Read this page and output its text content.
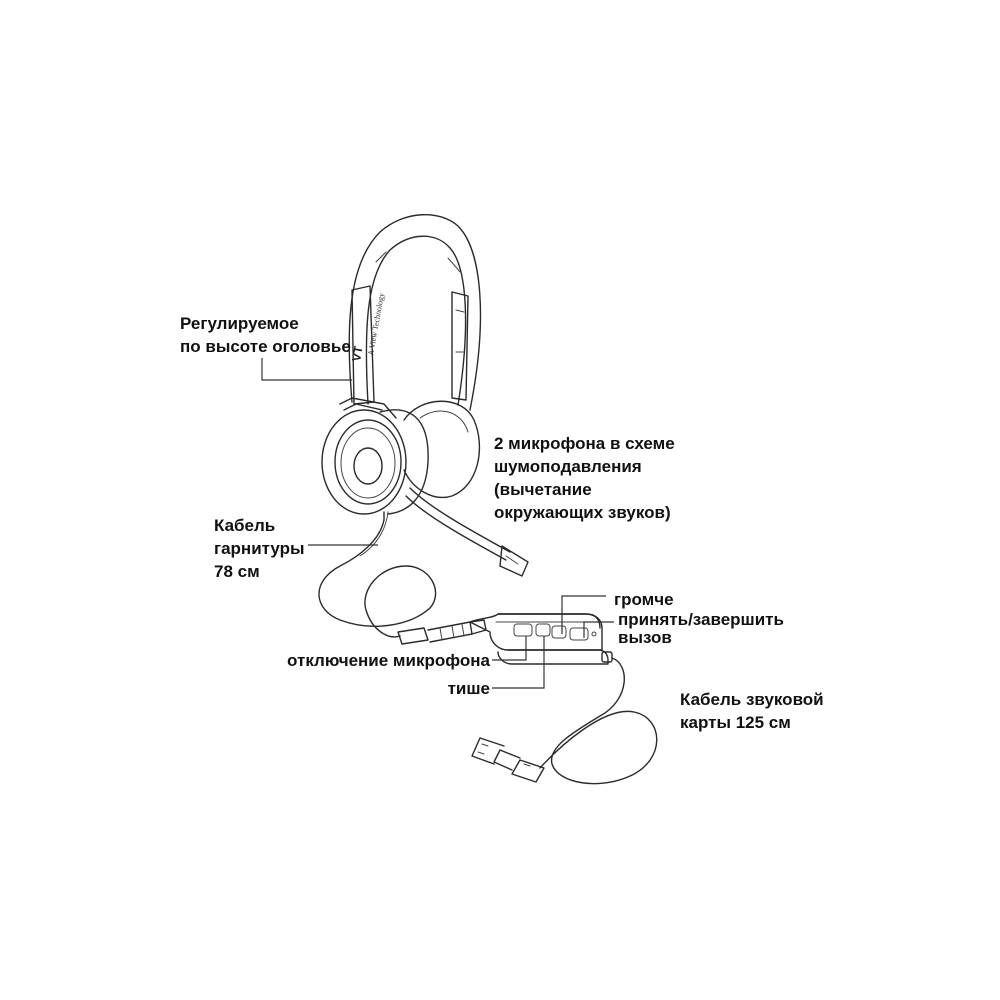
VT A View Technology
Регулируемое
по высоте оголовье
2 микрофона в схеме
шумоподавления
(вычетание
окружающих звуков)
Кабель
гарнитуры
78 см
громче
принять/завершить
вызов
отключение микрофона
тише
Кабель звуковой
карты 125 см
